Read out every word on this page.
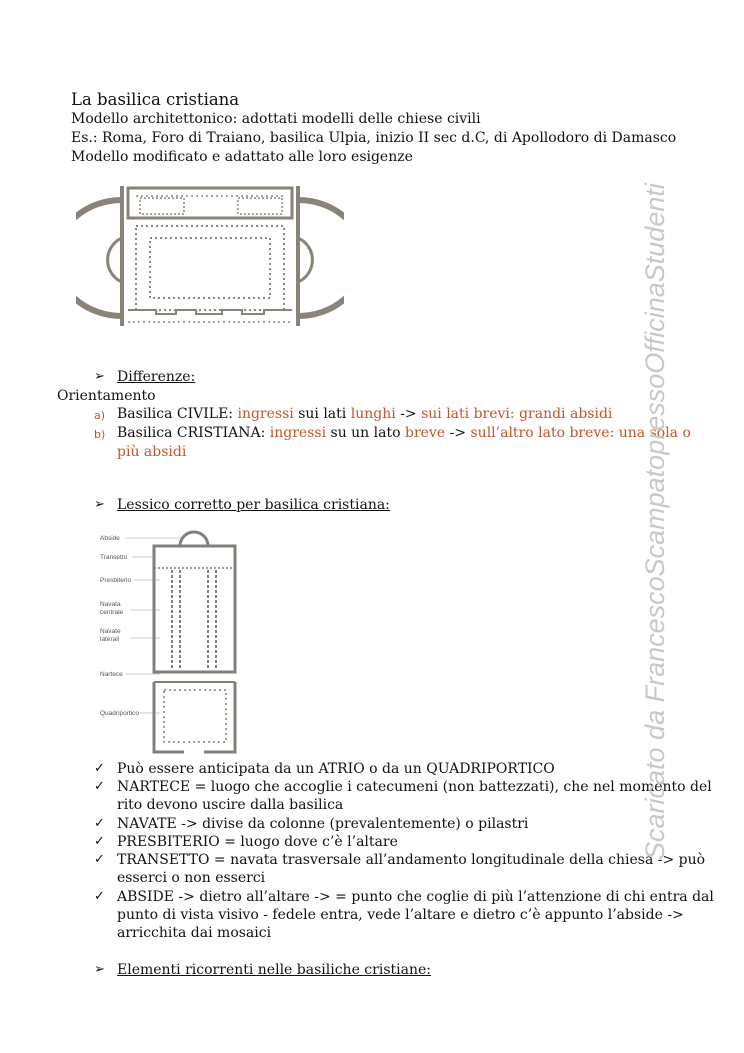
La basilica cristiana
Modello architettonico: adottati modelli delle chiese civili
Es.: Roma, Foro di Traiano, basilica Ulpia, inizio II sec d.C, di Apollodoro di Damasco
Modello modificato e adattato alle loro esigenze
➢ Differenze:
Orientamento
a) Basilica CIVILE: ingressi sui lati lunghi -> sui lati brevi: grandi absidi
b) Basilica CRISTIANA: ingressi su un lato breve -> sull’altro lato breve: una sola o
più absidi
➢ Lessico corretto per basilica cristiana:
Abside
Transetto
Presbiterio
Navata
centrale
Navate
laterali
Nartece
Quadriportico
✓ Può essere anticipata da un ATRIO o da un QUADRIPORTICO
✓ NARTECE = luogo che accoglie i catecumeni (non battezzati), che nel momento del
rito devono uscire dalla basilica
✓ NAVATE -> divise da colonne (prevalentemente) o pilastri
✓ PRESBITERIO = luogo dove c’è l’altare
✓ TRANSETTO = navata trasversale all’andamento longitudinale della chiesa -> può
esserci o non esserci
✓ ABSIDE -> dietro all’altare -> = punto che coglie di più l’attenzione di chi entra dal
punto di vista visivo - fedele entra, vede l’altare e dietro c’è appunto l’abside ->
arricchita dai mosaici
➢ Elementi ricorrenti nelle basiliche cristiane:
Scaricato da FrancescoScampatopressoOfficinaStudenti
